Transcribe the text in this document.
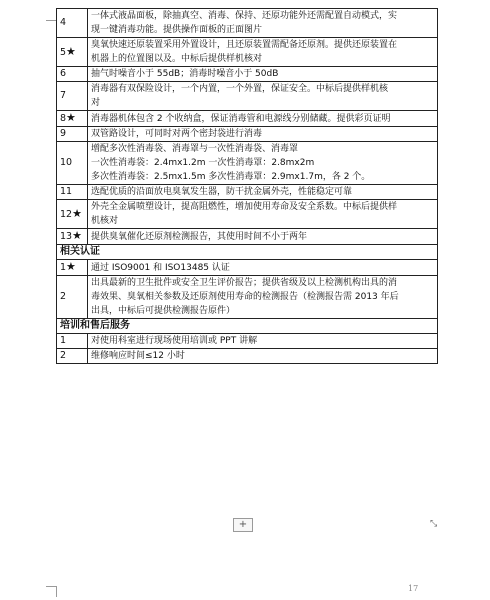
4	一体式液晶面板，除抽真空、消毒、保持、还原功能外还需配置自动模式，实
现一键消毒功能。提供操作面板的正面图片

5★	臭氧快速还原装置采用外置设计，且还原装置需配备还原剂。提供还原装置在
机器上的位置图以及。中标后提供样机核对

6	抽气时噪音小于 55dB；消毒时噪音小于 50dB

7	消毒器有双保险设计，一个内置，一个外置，保证安全。中标后提供样机核
对

8★	消毒器机体包含 2 个收纳盒，保证消毒管和电源线分别储藏。提供彩页证明

9	双管路设计，可同时对两个密封袋进行消毒

10	增配多次性消毒袋、消毒罩与一次性消毒袋、消毒罩
一次性消毒袋：2.4mx1.2m 一次性消毒罩：2.8mx2m
多次性消毒袋：2.5mx1.5m 多次性消毒罩：2.9mx1.7m，各 2 个。

11	选配优质的沿面放电臭氧发生器，防干扰金属外壳，性能稳定可靠

12★	外壳全金属喷塑设计，提高阻燃性，增加使用寿命及安全系数。中标后提供样
机核对

13★	提供臭氧催化还原剂检测报告，其使用时间不小于两年

相关认证	
1★	通过 ISO9001 和 ISO13485 认证

2	出具最新的卫生批件或安全卫生评价报告；提供省级及以上检测机构出具的消
毒效果、臭氧相关参数及还原剂使用寿命的检测报告（检测报告需 2013 年后
出具，中标后可提供检测报告原件）

培训和售后服务	
1	对使用科室进行现场使用培训或 PPT 讲解

2	维修响应时间≤12 小时
+	⤡
17
